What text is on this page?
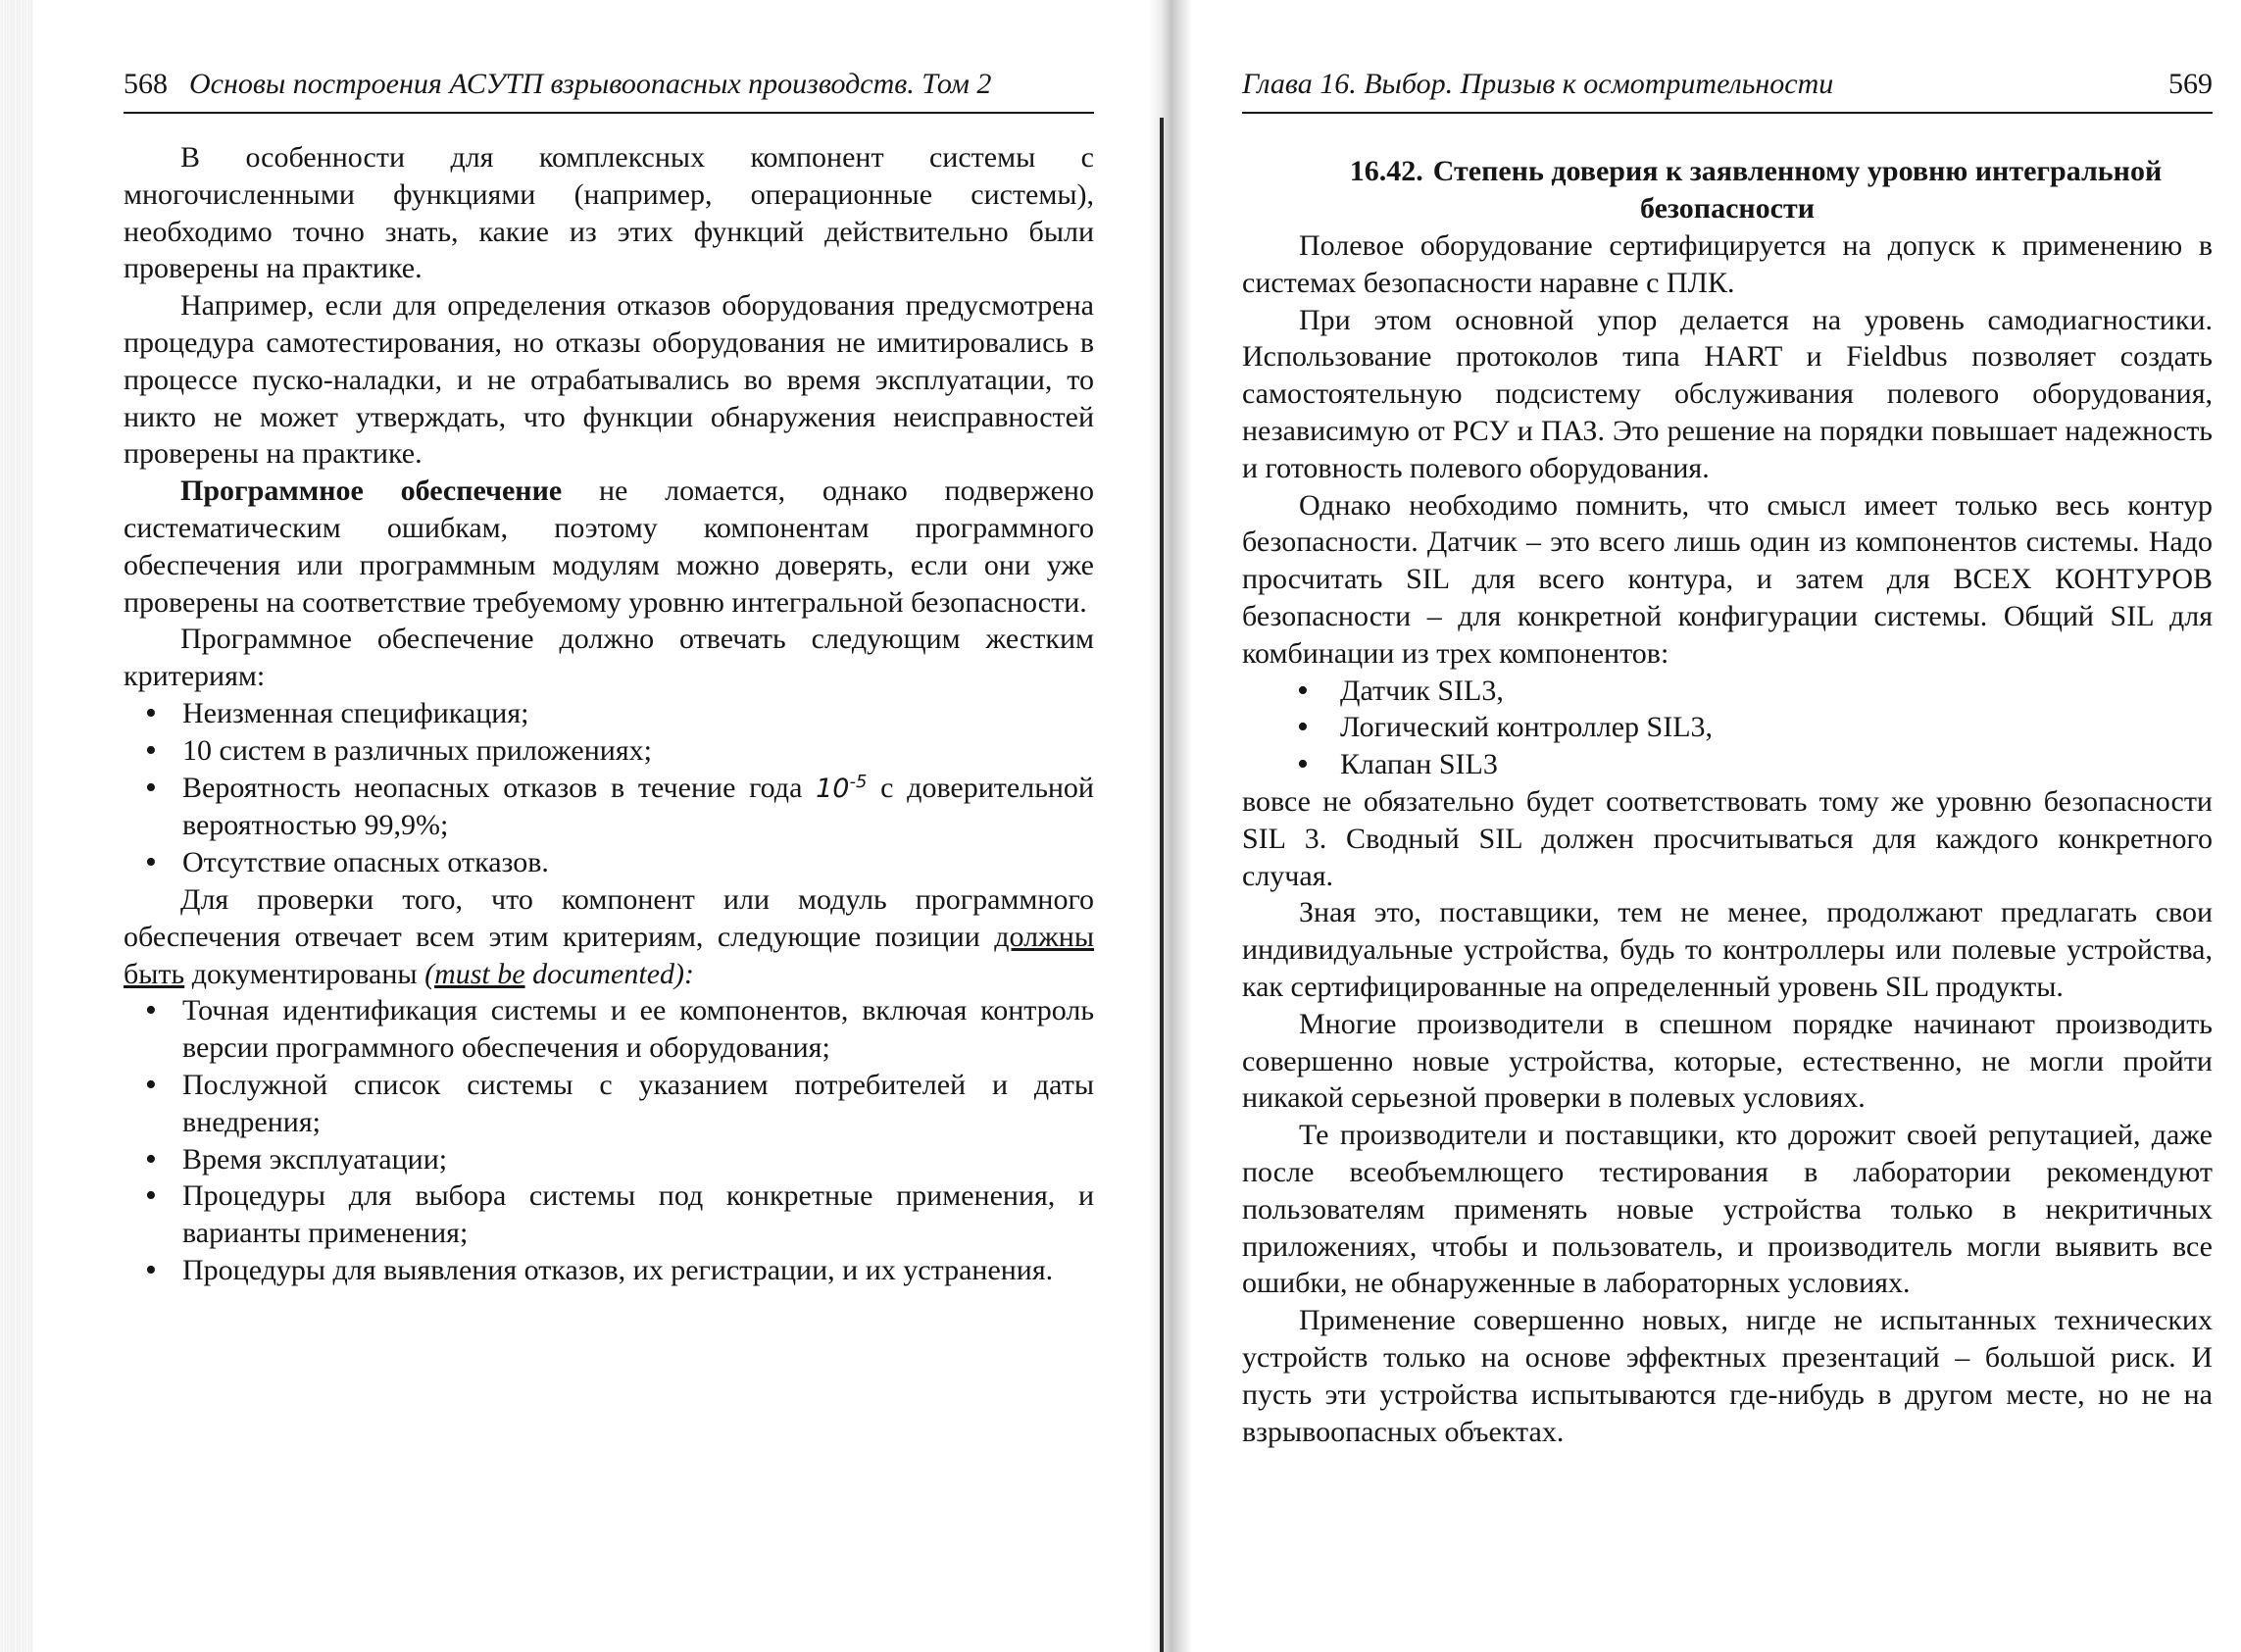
568 Основы построения АСУТП взрывоопасных производств. Том 2

В особенности для комплексных компонент системы с многочисленными функциями (например, операционные системы), необходимо точно знать, какие из этих функций действительно были проверены на практике.

Например, если для определения отказов оборудования предусмотрена процедура самотестирования, но отказы оборудования не имитировались в процессе пуско-наладки, и не отрабатывались во время эксплуатации, то никто не может утверждать, что функции обнаружения неисправностей проверены на практике.

Программное обеспечение не ломается, однако подвержено систематическим ошибкам, поэтому компонентам программного обеспечения или программным модулям можно доверять, если они уже проверены на соответствие требуемому уровню интегральной безопасности.

Программное обеспечение должно отвечать следующим жестким критериям:

• Неизменная спецификация;
• 10 систем в различных приложениях;
• Вероятность неопасных отказов в течение года $10^{-5}$ с доверительной вероятностью 99,9%;
• Отсутствие опасных отказов.

Для проверки того, что компонент или модуль программного обеспечения отвечает всем этим критериям, следующие позиции должны быть документированы (must be documented):

• Точная идентификация системы и ее компонентов, включая контроль версии программного обеспечения и оборудования;
• Послужной список системы с указанием потребителей и даты внедрения;
• Время эксплуатации;
• Процедуры для выбора системы под конкретные применения, и варианты применения;
• Процедуры для выявления отказов, их регистрации, и их устранения.
Глава 16. Выбор. Призыв к осмотрительности	569

16.42. Степень доверия к заявленному уровню интегральной безопасности

Полевое оборудование сертифицируется на допуск к применению в системах безопасности наравне с ПЛК.

При этом основной упор делается на уровень самодиагностики. Использование протоколов типа HART и Fieldbus позволяет создать самостоятельную подсистему обслуживания полевого оборудования, независимую от РСУ и ПАЗ. Это решение на порядки повышает надежность и готовность полевого оборудования.

Однако необходимо помнить, что смысл имеет только весь контур безопасности. Датчик – это всего лишь один из компонентов системы. Надо просчитать SIL для всего контура, и затем для ВСЕХ КОНТУРОВ безопасности – для конкретной конфигурации системы. Общий SIL для комбинации из трех компонентов:

• Датчик SIL3,
• Логический контроллер SIL3,
• Клапан SIL3

вовсе не обязательно будет соответствовать тому же уровню безопасности SIL 3. Сводный SIL должен просчитываться для каждого конкретного случая.

Зная это, поставщики, тем не менее, продолжают предлагать свои индивидуальные устройства, будь то контроллеры или полевые устройства, как сертифицированные на определенный уровень SIL продукты.

Многие производители в спешном порядке начинают производить совершенно новые устройства, которые, естественно, не могли пройти никакой серьезной проверки в полевых условиях.

Те производители и поставщики, кто дорожит своей репутацией, даже после всеобъемлющего тестирования в лаборатории рекомендуют пользователям применять новые устройства только в некритичных приложениях, чтобы и пользователь, и производитель могли выявить все ошибки, не обнаруженные в лабораторных условиях.

Применение совершенно новых, нигде не испытанных технических устройств только на основе эффектных презентаций – большой риск. И пусть эти устройства испытываются где-нибудь в другом месте, но не на взрывоопасных объектах.
